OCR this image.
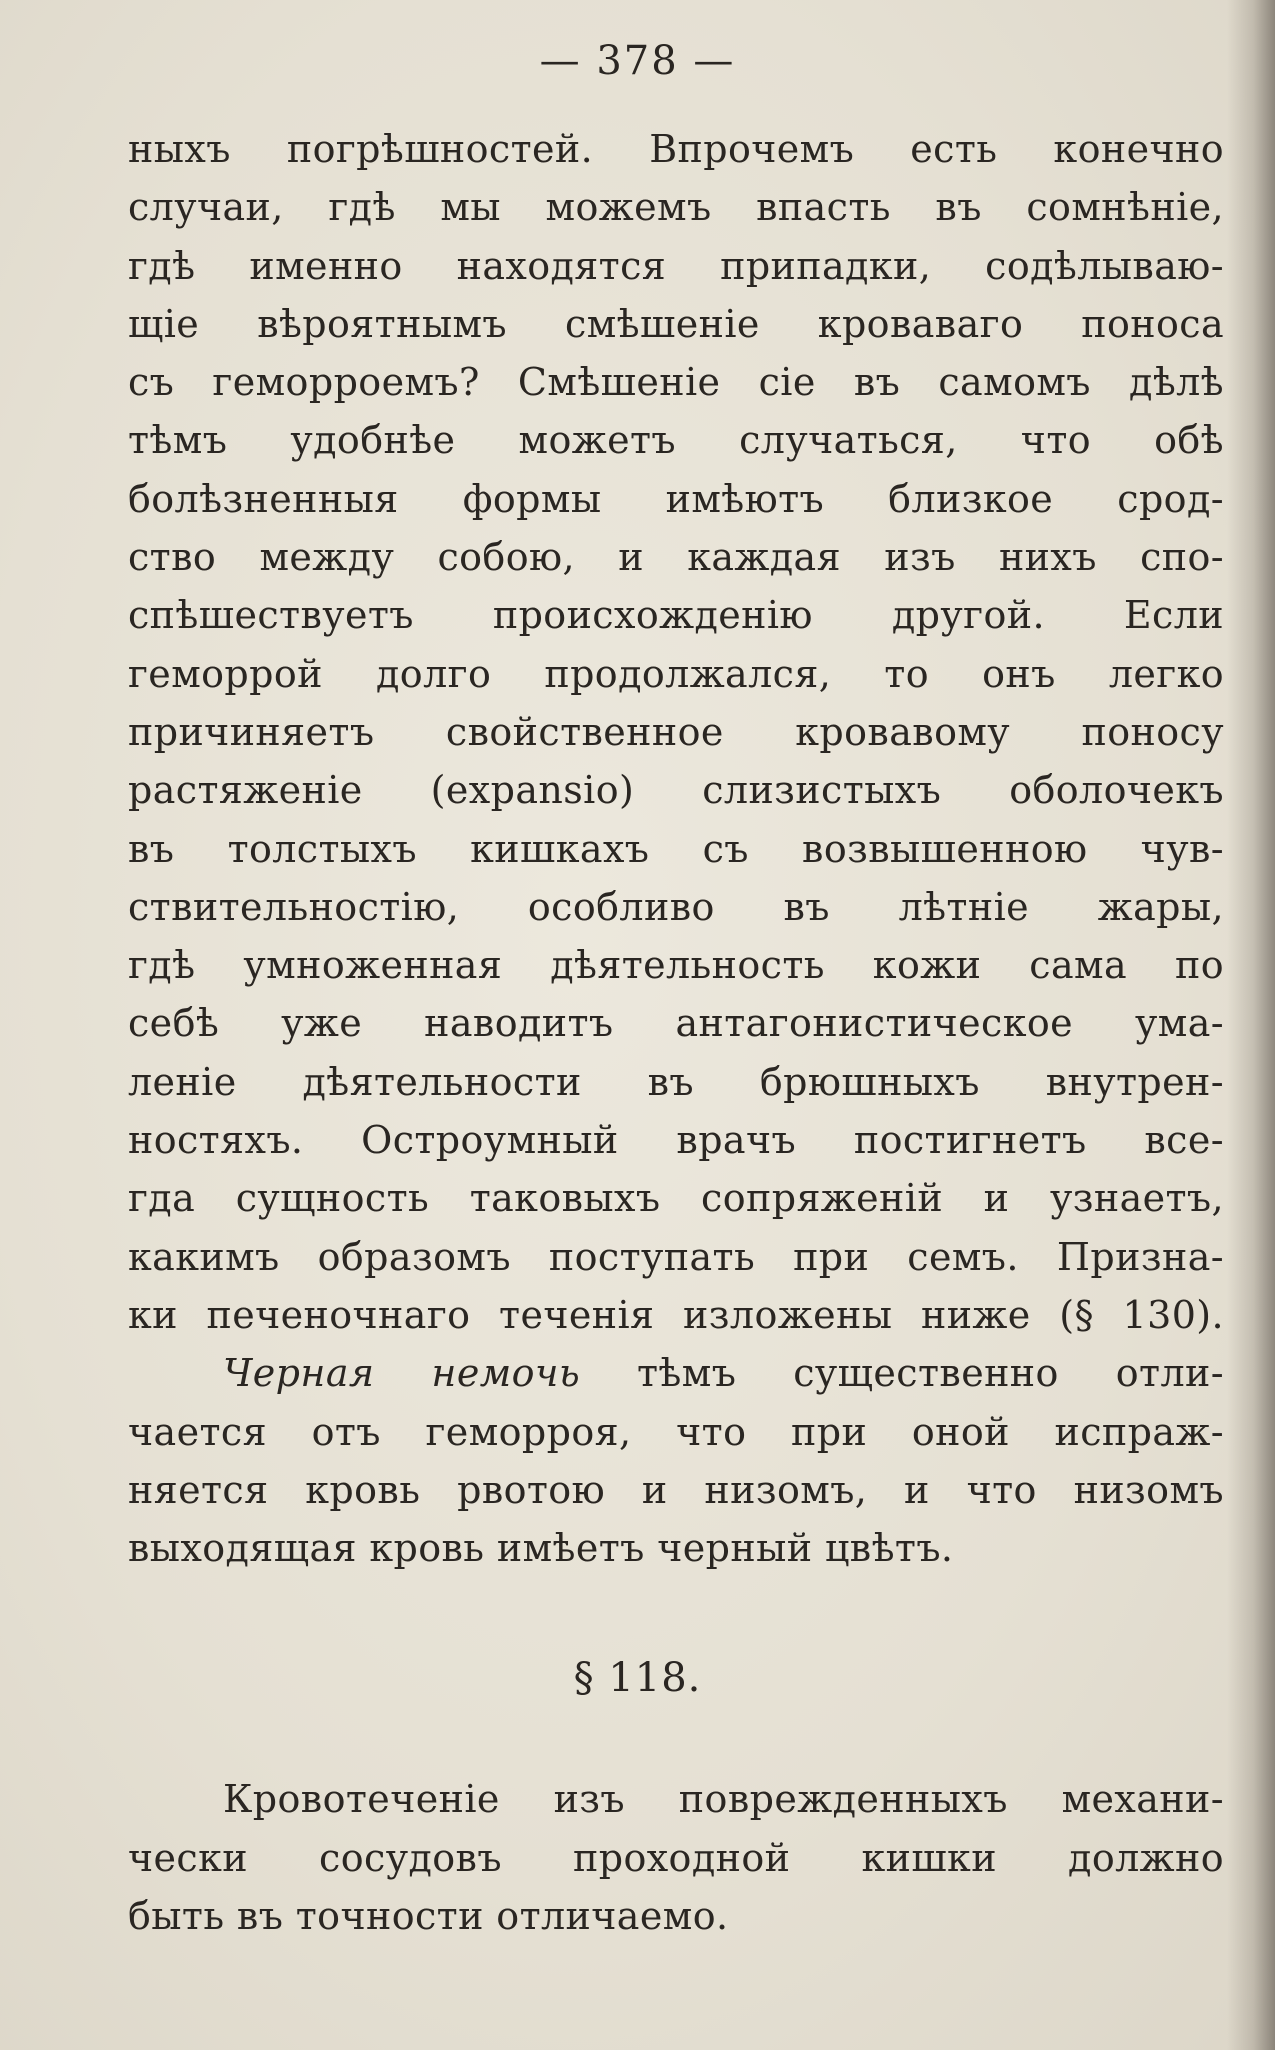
— 378 —
ныхъ погрѣшностей. Впрочемъ есть конечно
случаи, гдѣ мы можемъ впасть въ сомнѣніе,
гдѣ именно находятся припадки, содѣлываю-
щіе вѣроятнымъ смѣшеніе кроваваго поноса
съ геморроемъ? Смѣшеніе сіе въ самомъ дѣлѣ
тѣмъ удобнѣе можетъ случаться, что обѣ
болѣзненныя формы имѣютъ близкое срод-
ство между собою, и каждая изъ нихъ спо-
спѣшествуетъ происхожденію другой. Если
геморрой долго продолжался, то онъ легко
причиняетъ свойственное кровавому поносу
растяженіе (expansio) слизистыхъ оболочекъ
въ толстыхъ кишкахъ съ возвышенною чув-
ствительностію, особливо въ лѣтніе жары,
гдѣ умноженная дѣятельность кожи сама по
себѣ уже наводитъ антагонистическое ума-
леніе дѣятельности въ брюшныхъ внутрен-
ностяхъ. Остроумный врачъ постигнетъ все-
гда сущность таковыхъ сопряженій и узнаетъ,
какимъ образомъ поступать при семъ. Призна-
ки печеночнаго теченія изложены ниже (§ 130).
Черная немочь тѣмъ существенно отли-
чается отъ геморроя, что при оной испраж-
няется кровь рвотою и низомъ, и что низомъ
выходящая кровь имѣетъ черный цвѣтъ.
§ 118.
Кровотеченіе изъ поврежденныхъ механи-
чески сосудовъ проходной кишки должно
быть въ точности отличаемо.
